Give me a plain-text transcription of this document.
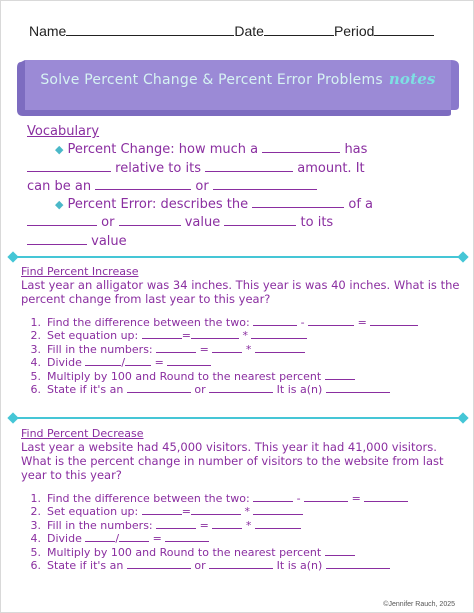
Name	Date	Period
Solve Percent Change & Percent Error Problems notes
Vocabulary
◆ Percent Change: how much a	has
relative to its	amount. It
can be an	or
◆ Percent Error: describes the	of a
or	value	to its
value
Find Percent Increase
Last year an alligator was 34 inches. This year is was 40 inches. What is the percent change from last year to this year?
1. Find the difference between the two:	-	=
2. Set equation up:	=	*
3. Fill in the numbers:	=	*
4. Divide	/	=
5. Multiply by 100 and Round to the nearest percent
6. State if it's an	or	It is a(n)
Find Percent Decrease
Last year a website had 45,000 visitors. This year it had 41,000 visitors. What is the percent change in number of visitors to the website from last year to this year?
1. Find the difference between the two:	-	=
2. Set equation up:	=	*
3. Fill in the numbers:	=	*
4. Divide	/	=
5. Multiply by 100 and Round to the nearest percent
6. State if it's an	or	It is a(n)
©Jennifer Rauch, 2025
